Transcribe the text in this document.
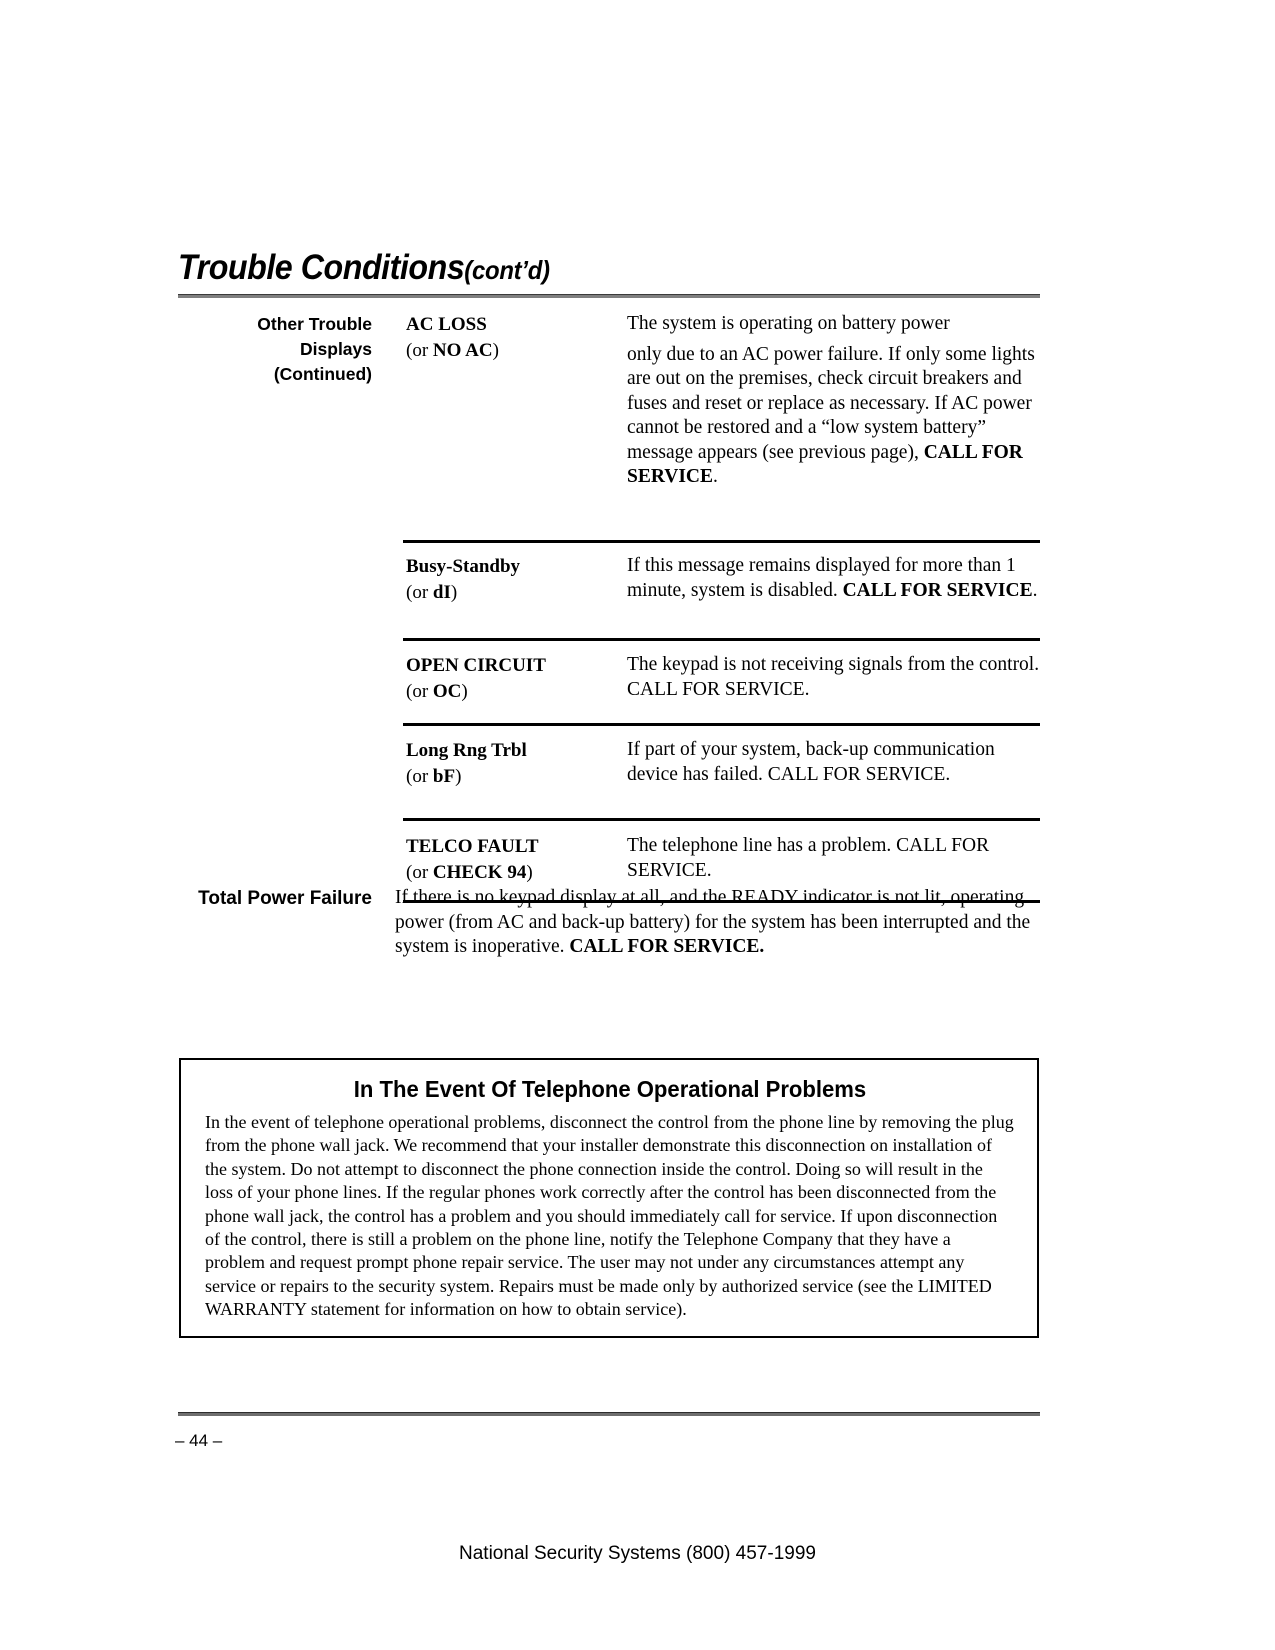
Trouble Conditions(cont’d)
Other Trouble
Displays
(Continued)
AC LOSS
(or NO AC)
The system is operating on battery power
only due to an AC power failure. If only some lights are out on the premises, check circuit breakers and fuses and reset or replace as necessary. If AC power cannot be restored and a “low system battery” message appears (see previous page), CALL FOR SERVICE.
Busy-Standby
(or dI)
If this message remains displayed for more than 1 minute, system is disabled. CALL FOR SERVICE.
OPEN CIRCUIT
(or OC)
The keypad is not receiving signals from the control. CALL FOR SERVICE.
Long Rng Trbl
(or bF)
If part of your system, back-up communication device has failed. CALL FOR SERVICE.
TELCO FAULT
(or CHECK 94)
The telephone line has a problem. CALL FOR SERVICE.
Total Power Failure	If there is no keypad display at all, and the READY indicator is not lit, operating power (from AC and back-up battery) for the system has been interrupted and the system is inoperative. CALL FOR SERVICE.
In The Event Of Telephone Operational Problems
In the event of telephone operational problems, disconnect the control from the phone line by removing the plug from the phone wall jack. We recommend that your installer demonstrate this disconnection on installation of the system. Do not attempt to disconnect the phone connection inside the control. Doing so will result in the loss of your phone lines. If the regular phones work correctly after the control has been disconnected from the phone wall jack, the control has a problem and you should immediately call for service. If upon disconnection of the control, there is still a problem on the phone line, notify the Telephone Company that they have a problem and request prompt phone repair service. The user may not under any circumstances attempt any service or repairs to the security system. Repairs must be made only by authorized service (see the LIMITED WARRANTY statement for information on how to obtain service).
– 44 –
National Security Systems (800) 457-1999
